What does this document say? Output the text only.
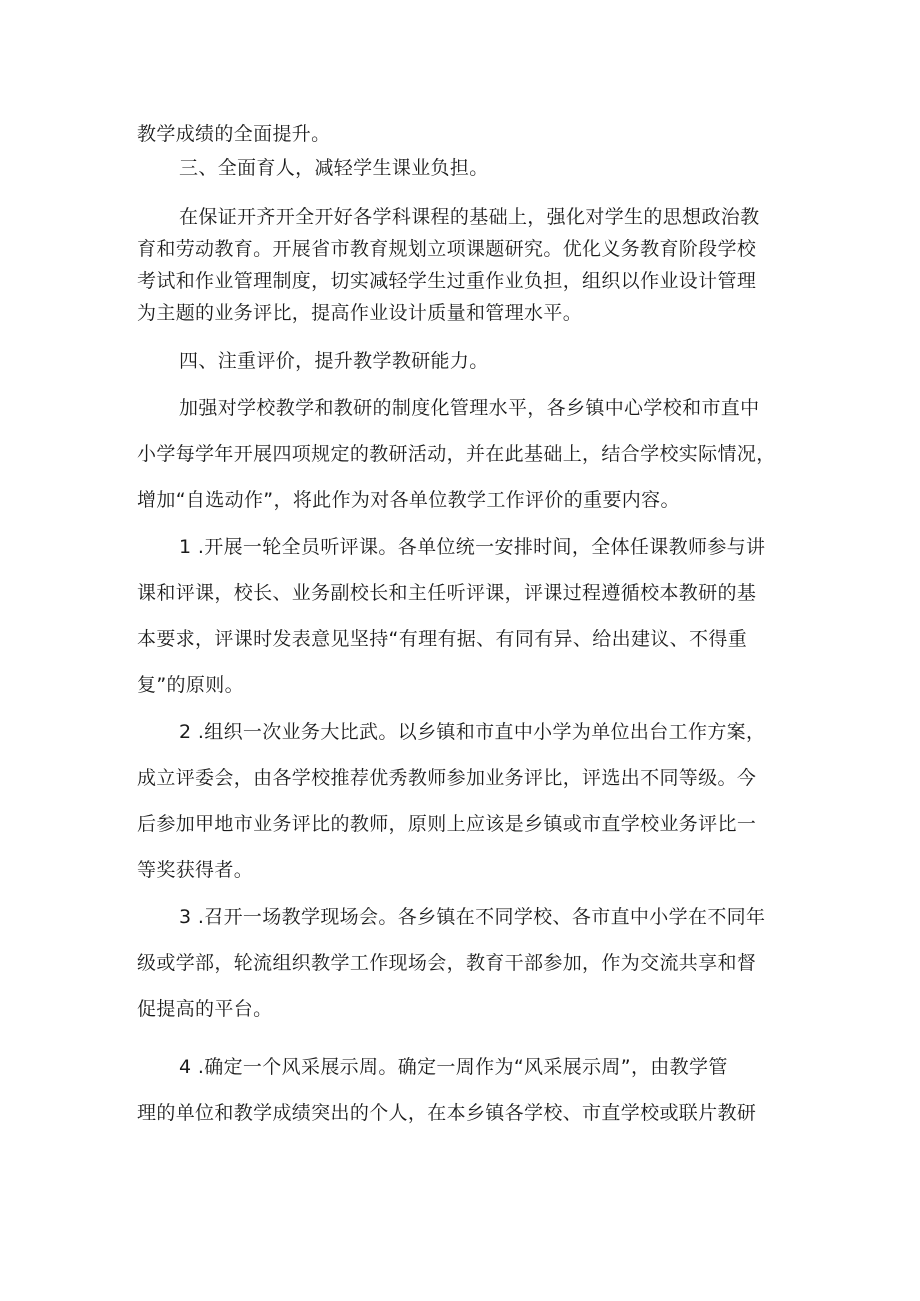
教学成绩的全面提升。

三、全面育人，减轻学生课业负担。

在保证开齐开全开好各学科课程的基础上，强化对学生的思想政治教

育和劳动教育。开展省市教育规划立项课题研究。优化义务教育阶段学校

考试和作业管理制度，切实减轻学生过重作业负担，组织以作业设计管理

为主题的业务评比，提高作业设计质量和管理水平。

四、注重评价，提升教学教研能力。

加强对学校教学和教研的制度化管理水平，各乡镇中心学校和市直中

小学每学年开展四项规定的教研活动，并在此基础上，结合学校实际情况，

增加“自选动作”，将此作为对各单位教学工作评价的重要内容。

1 .开展一轮全员听评课。各单位统一安排时间，全体任课教师参与讲

课和评课，校长、业务副校长和主任听评课，评课过程遵循校本教研的基

本要求，评课时发表意见坚持“有理有据、有同有异、给出建议、不得重

复”的原则。

2 .组织一次业务大比武。以乡镇和市直中小学为单位出台工作方案，

成立评委会，由各学校推荐优秀教师参加业务评比，评选出不同等级。今

后参加甲地市业务评比的教师，原则上应该是乡镇或市直学校业务评比一

等奖获得者。

3 .召开一场教学现场会。各乡镇在不同学校、各市直中小学在不同年

级或学部，轮流组织教学工作现场会，教育干部参加，作为交流共享和督

促提高的平台。

4 .确定一个风采展示周。确定一周作为“风采展示周”，由教学管

理的单位和教学成绩突出的个人，在本乡镇各学校、市直学校或联片教研
